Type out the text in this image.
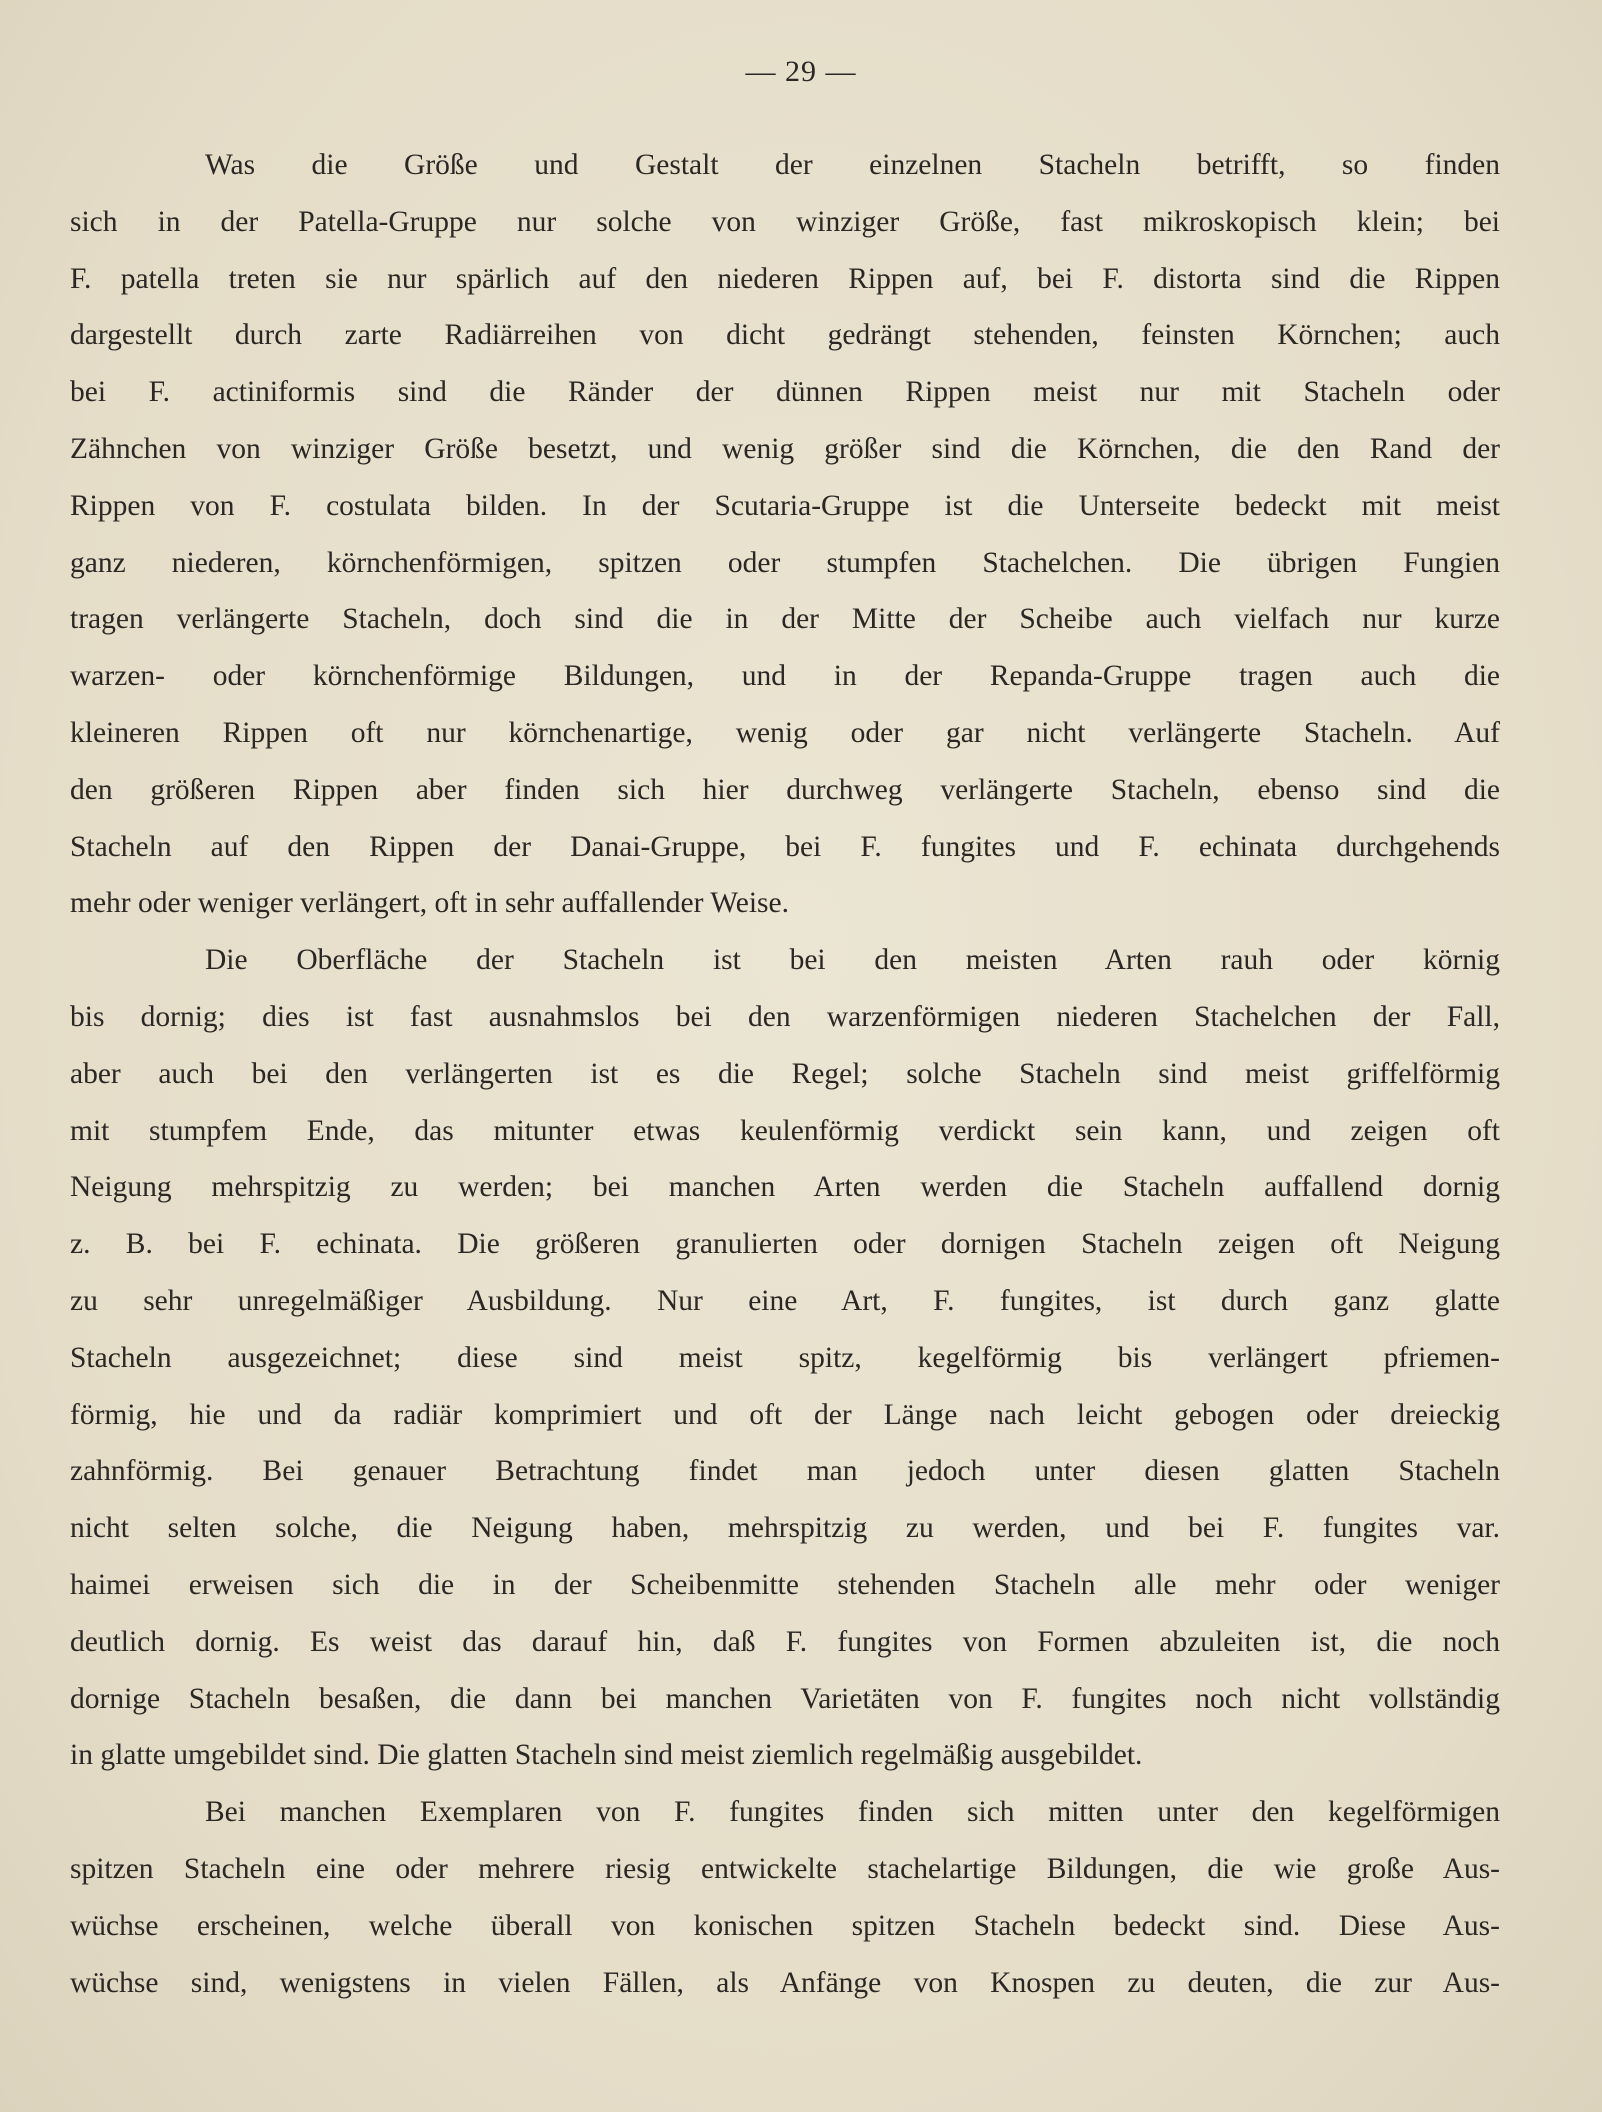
— 29 —
Was die Größe und Gestalt der einzelnen Stacheln betrifft, so finden
sich in der Patella-Gruppe nur solche von winziger Größe, fast mikroskopisch klein; bei
F. patella treten sie nur spärlich auf den niederen Rippen auf, bei F. distorta sind die Rippen
dargestellt durch zarte Radiärreihen von dicht gedrängt stehenden, feinsten Körnchen; auch
bei F. actiniformis sind die Ränder der dünnen Rippen meist nur mit Stacheln oder
Zähnchen von winziger Größe besetzt, und wenig größer sind die Körnchen, die den Rand der
Rippen von F. costulata bilden. In der Scutaria-Gruppe ist die Unterseite bedeckt mit meist
ganz niederen, körnchenförmigen, spitzen oder stumpfen Stachelchen. Die übrigen Fungien
tragen verlängerte Stacheln, doch sind die in der Mitte der Scheibe auch vielfach nur kurze
warzen- oder körnchenförmige Bildungen, und in der Repanda-Gruppe tragen auch die
kleineren Rippen oft nur körnchenartige, wenig oder gar nicht verlängerte Stacheln. Auf
den größeren Rippen aber finden sich hier durchweg verlängerte Stacheln, ebenso sind die
Stacheln auf den Rippen der Danai-Gruppe, bei F. fungites und F. echinata durchgehends
mehr oder weniger verlängert, oft in sehr auffallender Weise.
Die Oberfläche der Stacheln ist bei den meisten Arten rauh oder körnig
bis dornig; dies ist fast ausnahmslos bei den warzenförmigen niederen Stachelchen der Fall,
aber auch bei den verlängerten ist es die Regel; solche Stacheln sind meist griffelförmig
mit stumpfem Ende, das mitunter etwas keulenförmig verdickt sein kann, und zeigen oft
Neigung mehrspitzig zu werden; bei manchen Arten werden die Stacheln auffallend dornig
z. B. bei F. echinata. Die größeren granulierten oder dornigen Stacheln zeigen oft Neigung
zu sehr unregelmäßiger Ausbildung. Nur eine Art, F. fungites, ist durch ganz glatte
Stacheln ausgezeichnet; diese sind meist spitz, kegelförmig bis verlängert pfriemen-
förmig, hie und da radiär komprimiert und oft der Länge nach leicht gebogen oder dreieckig
zahnförmig. Bei genauer Betrachtung findet man jedoch unter diesen glatten Stacheln
nicht selten solche, die Neigung haben, mehrspitzig zu werden, und bei F. fungites var.
haimei erweisen sich die in der Scheibenmitte stehenden Stacheln alle mehr oder weniger
deutlich dornig. Es weist das darauf hin, daß F. fungites von Formen abzuleiten ist, die noch
dornige Stacheln besaßen, die dann bei manchen Varietäten von F. fungites noch nicht vollständig
in glatte umgebildet sind. Die glatten Stacheln sind meist ziemlich regelmäßig ausgebildet.
Bei manchen Exemplaren von F. fungites finden sich mitten unter den kegelförmigen
spitzen Stacheln eine oder mehrere riesig entwickelte stachelartige Bildungen, die wie große Aus-
wüchse erscheinen, welche überall von konischen spitzen Stacheln bedeckt sind. Diese Aus-
wüchse sind, wenigstens in vielen Fällen, als Anfänge von Knospen zu deuten, die zur Aus-
